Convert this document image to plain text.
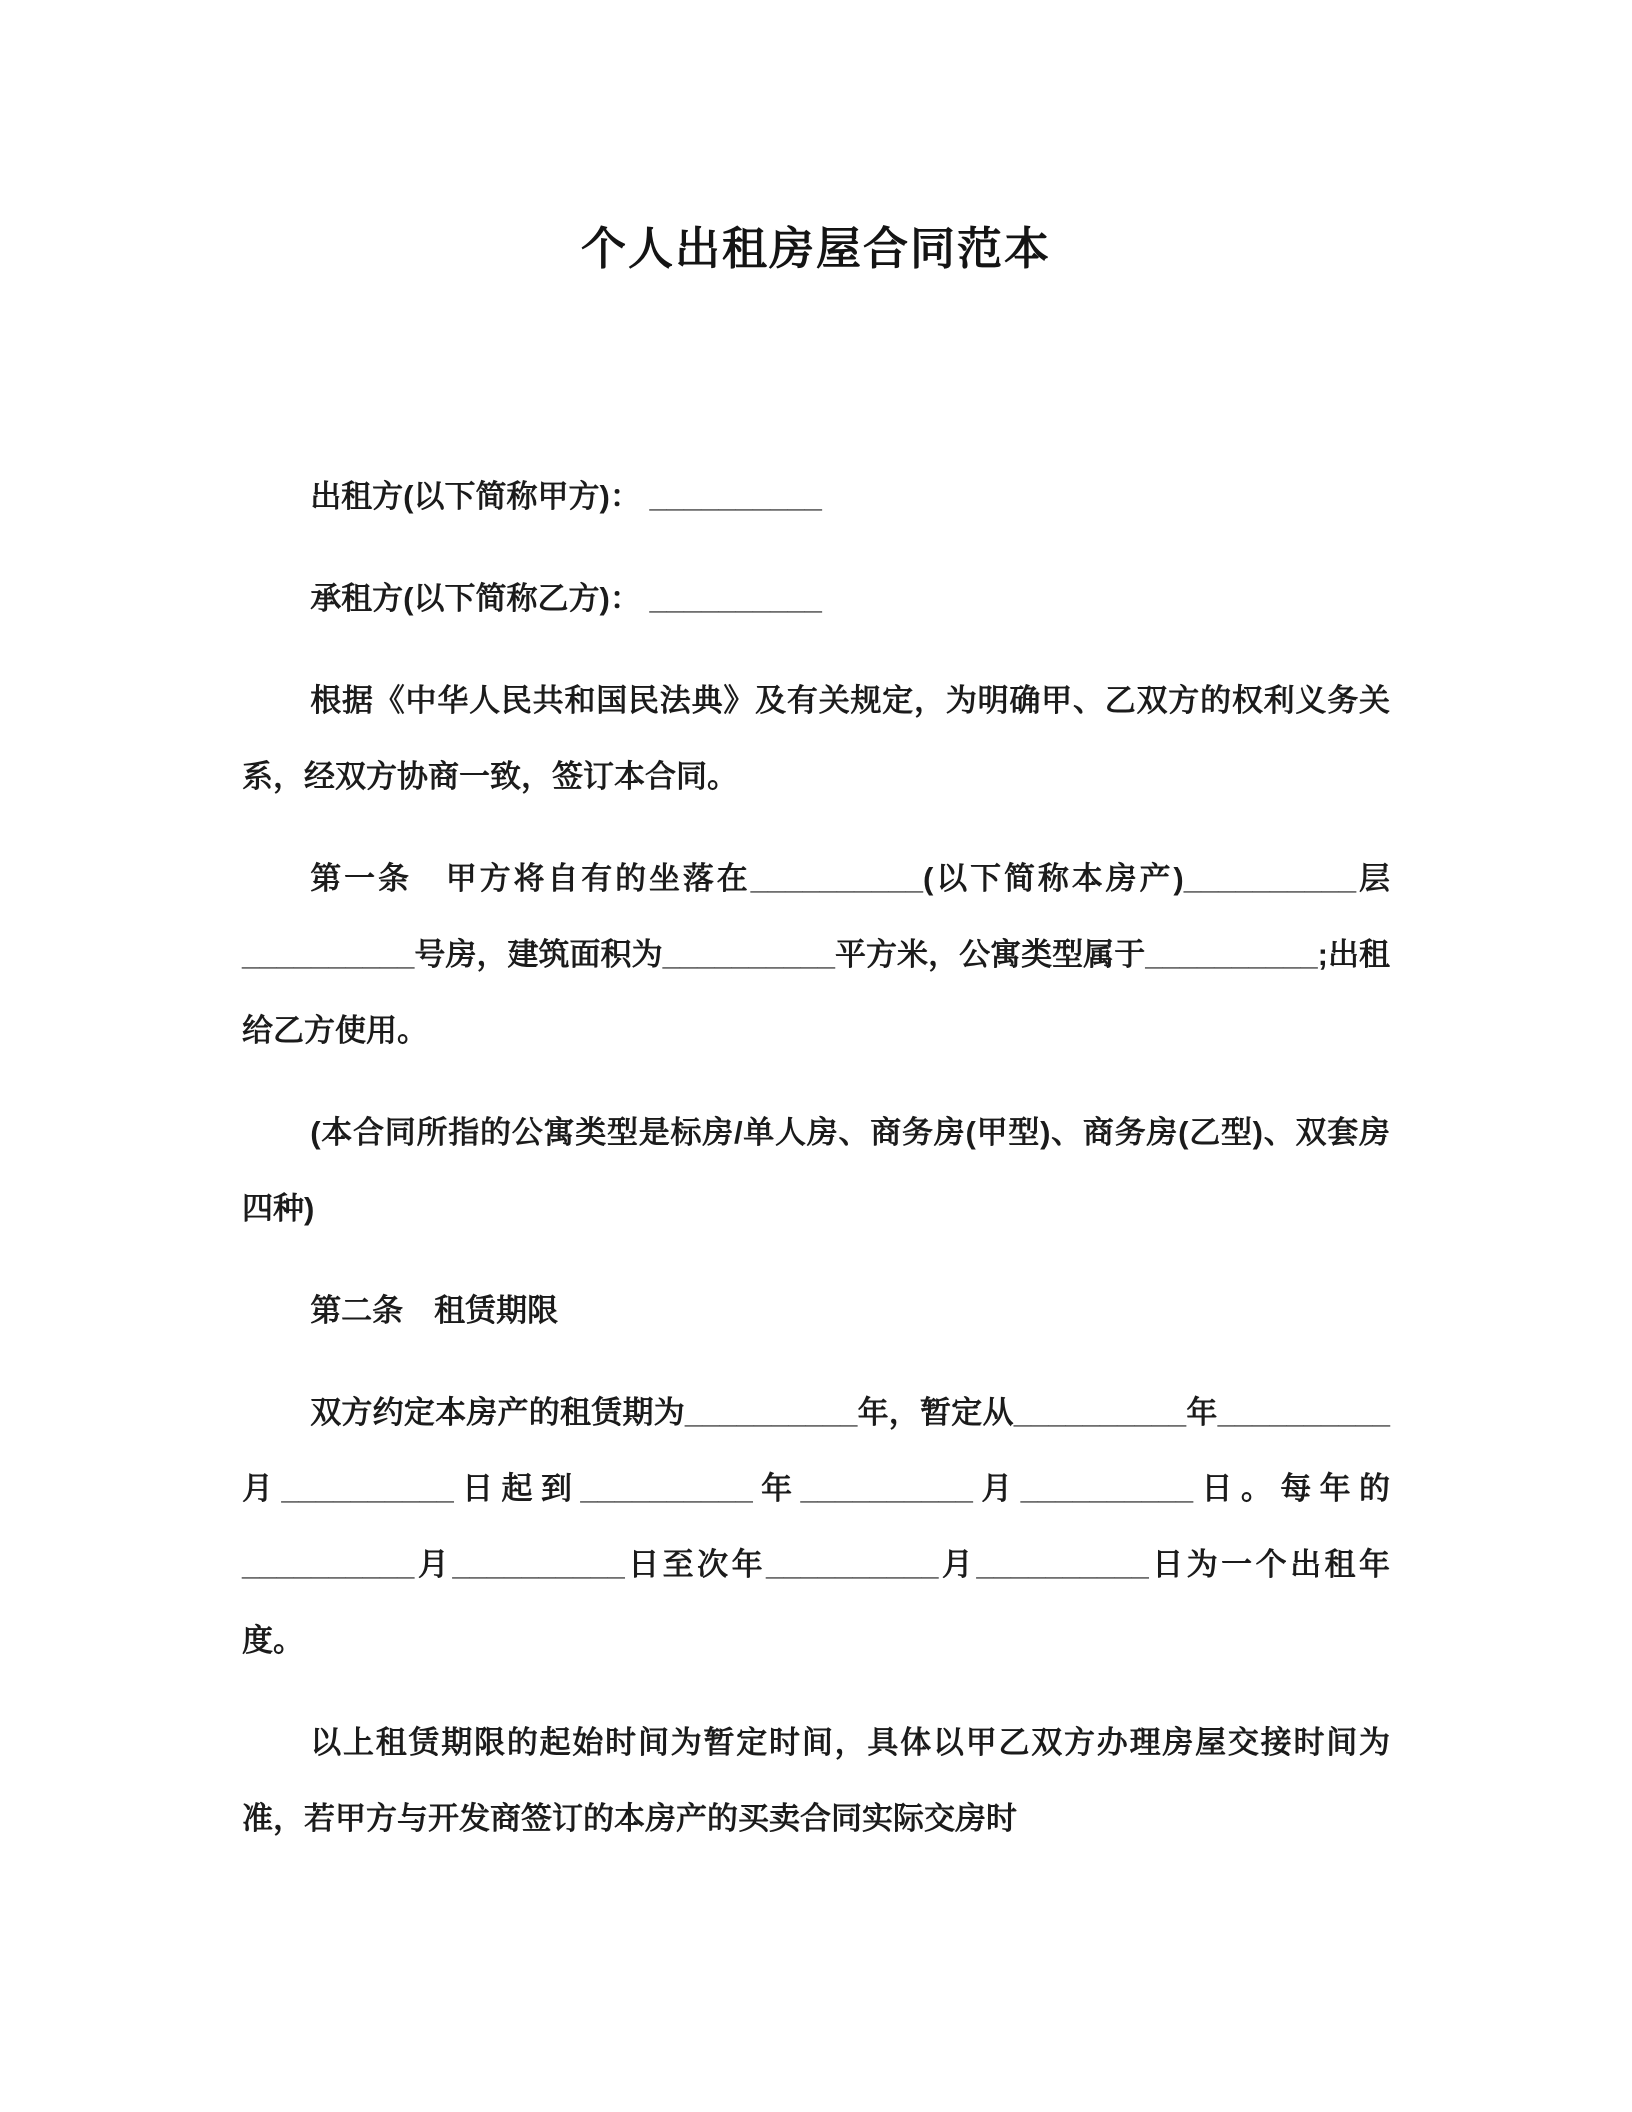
个人出租房屋合同范本

出租方(以下简称甲方)： __________

承租方(以下简称乙方)： __________

根据《中华人民共和国民法典》及有关规定，为明确甲、乙双方的权利义务关系，经双方协商一致，签订本合同。

第一条　甲方将自有的坐落在__________(以下简称本房产)__________层__________号房，建筑面积为__________平方米，公寓类型属于__________;出租给乙方使用。

(本合同所指的公寓类型是标房/单人房、商务房(甲型)、商务房(乙型)、双套房四种)

第二条　租赁期限

双方约定本房产的租赁期为__________年，暂定从__________年__________月__________日起到__________年__________月__________日。每年的__________月__________日至次年__________月__________日为一个出租年度。

以上租赁期限的起始时间为暂定时间，具体以甲乙双方办理房屋交接时间为准，若甲方与开发商签订的本房产的买卖合同实际交房时
